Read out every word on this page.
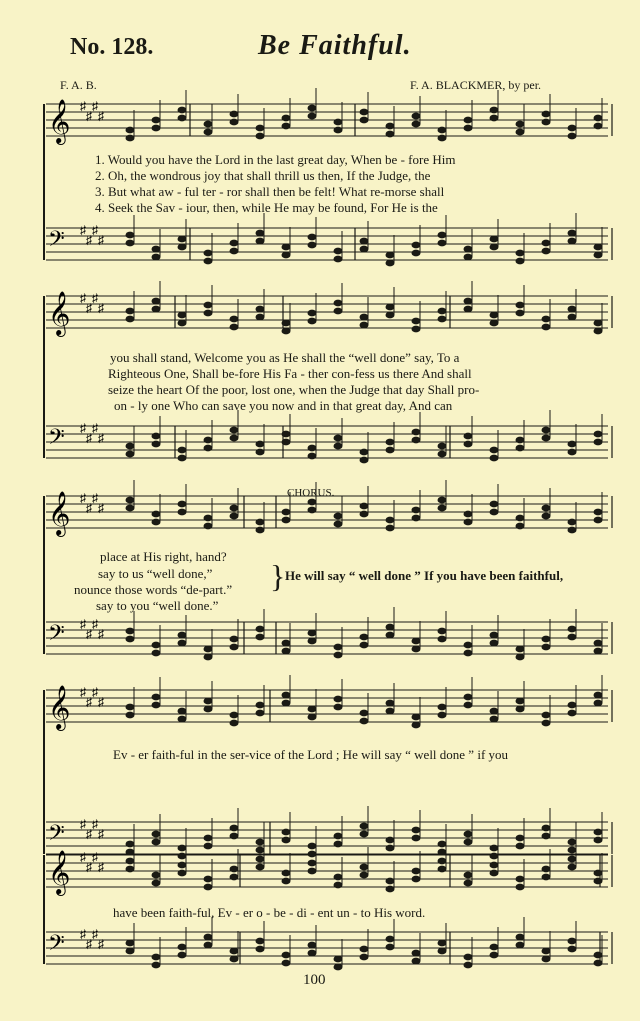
No. 128.	Be Faithful.
F. A. B.	F. A. BLACKMER, by per.
𝄞 ♯
♯
♯
♯
𝄢 ♯
♯
♯
♯
𝄞 ♯
♯
♯
♯
𝄢 ♯
♯
♯
♯
𝄞 ♯
♯
♯
♯
𝄢 ♯
♯
♯
♯
𝄞 ♯
♯
♯
♯
𝄢 ♯
♯
♯
♯
𝄞 ♯
♯
♯
♯
𝄢 ♯
♯
♯
♯
1. Would you have the Lord in the last great day, When be - fore Him
2. Oh, the wondrous joy that shall thrill us then, If the Judge, the
3. But what aw - ful ter - ror shall then be felt! What re-morse shall
4. Seek the Sav - iour, then, while He may be found, For He is the
you shall stand, Welcome you as He shall the “well done” say, To a
Righteous One, Shall be-fore His Fa - ther con-fess us there And shall
seize the heart Of the poor, lost one, when the Judge that day Shall pro-
on - ly one Who can save you now and in that great day, And can
CHORUS.
place at His right, hand?
say to us “well done,”
nounce those words “de-part.”
say to you “well done.”
} He will say “ well done ” If you have been faithful,
Ev - er faith-ful in the ser-vice of the Lord ; He will say “ well done ” if you
have been faith-ful, Ev - er o - be - di - ent un - to His word.
100
